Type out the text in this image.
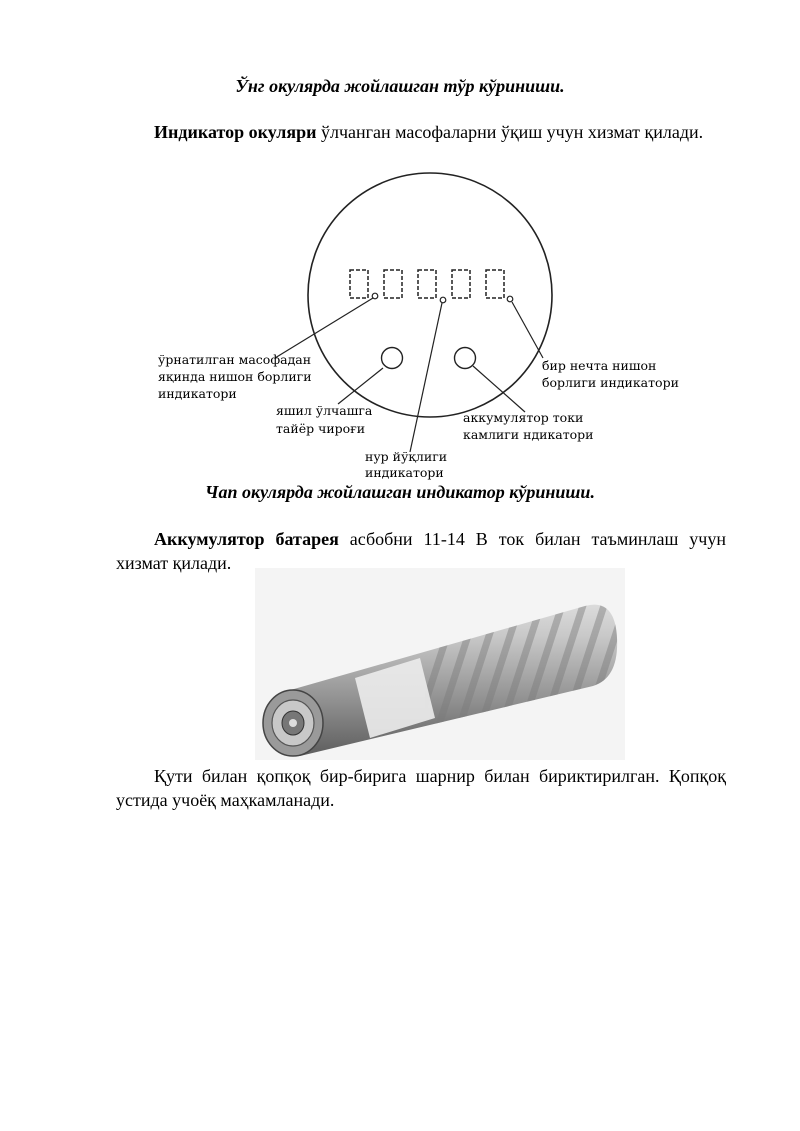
Ўнг окулярда жойлашган тўр кўриниши.
Индикатор окуляри ўлчанган масофаларни ўқиш учун хизмат қилади.
ўрнатилган масофадан яқинда нишон борлиги индикатори
яшил ўлчашга тайёр чироғи
нур йўқлиги индикатори
аккумулятор токи камлиги ндикатори
бир нечта нишон борлиги индикатори
Чап окулярда жойлашган индикатор кўриниши.
Аккумулятор батарея асбобни 11-14 В ток билан таъминлаш учун хизмат қилади.
Қути билан қопқоқ бир-бирига шарнир билан бириктирилган. Қопқоқ устида учоёқ маҳкамланади.
